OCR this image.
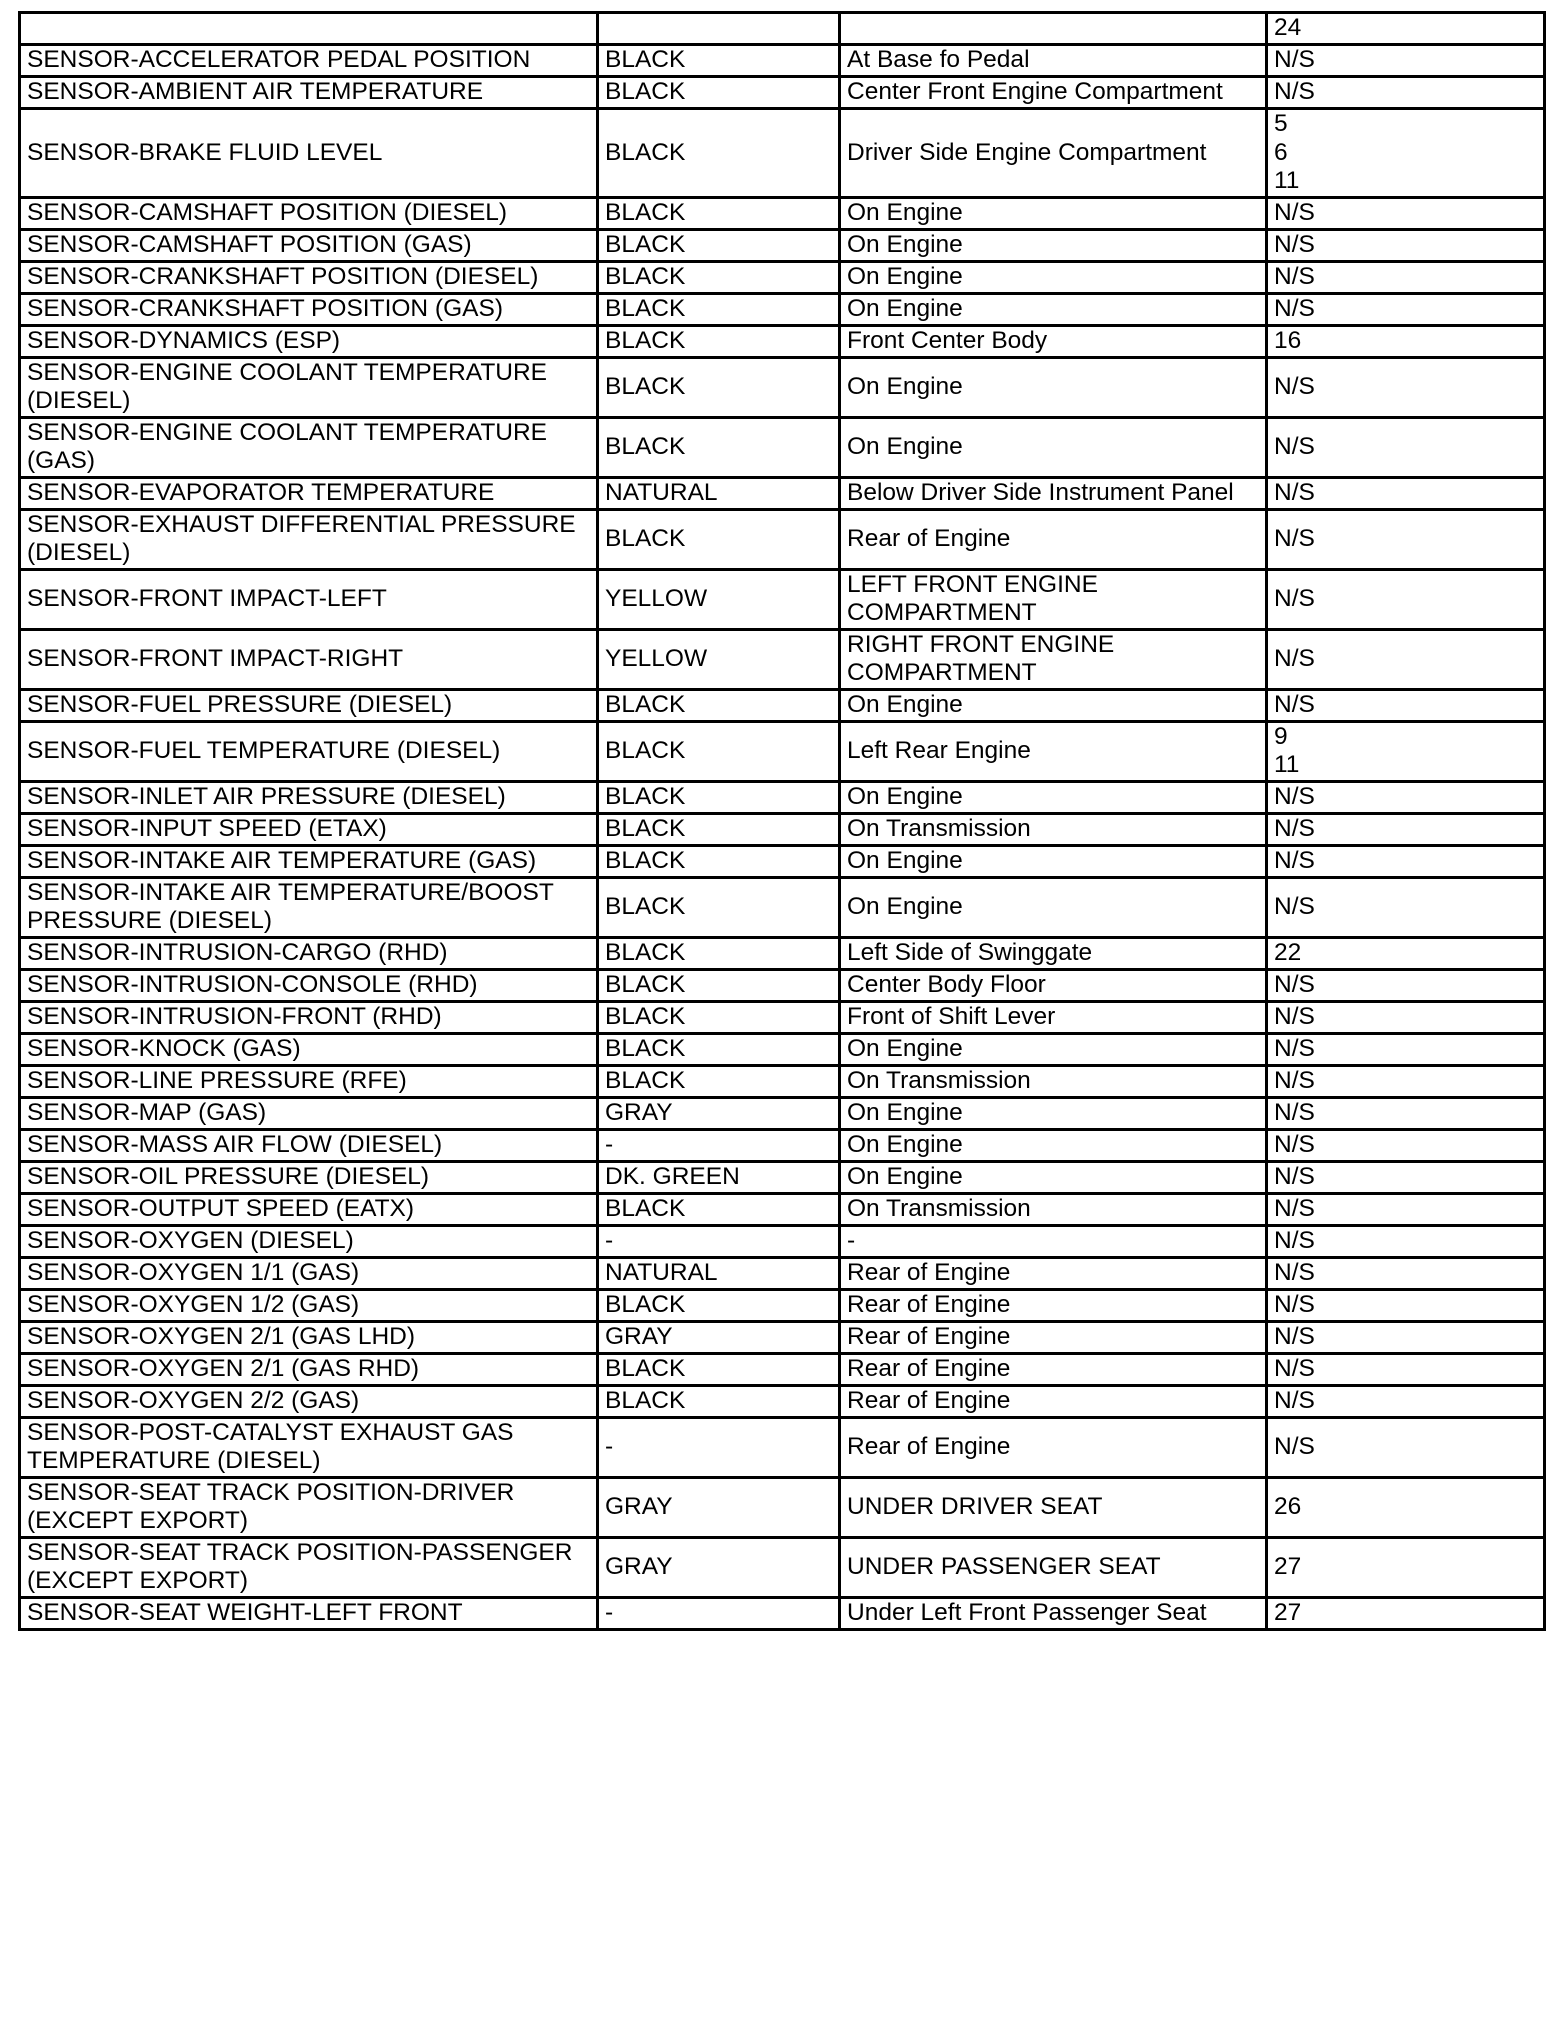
			24
SENSOR-ACCELERATOR PEDAL POSITION	BLACK	At Base fo Pedal	N/S
SENSOR-AMBIENT AIR TEMPERATURE	BLACK	Center Front Engine Compartment	N/S
SENSOR-BRAKE FLUID LEVEL	BLACK	Driver Side Engine Compartment	5
6
11
SENSOR-CAMSHAFT POSITION (DIESEL)	BLACK	On Engine	N/S
SENSOR-CAMSHAFT POSITION (GAS)	BLACK	On Engine	N/S
SENSOR-CRANKSHAFT POSITION (DIESEL)	BLACK	On Engine	N/S
SENSOR-CRANKSHAFT POSITION (GAS)	BLACK	On Engine	N/S
SENSOR-DYNAMICS (ESP)	BLACK	Front Center Body	16
SENSOR-ENGINE COOLANT TEMPERATURE
(DIESEL)	BLACK	On Engine	N/S
SENSOR-ENGINE COOLANT TEMPERATURE
(GAS)	BLACK	On Engine	N/S
SENSOR-EVAPORATOR TEMPERATURE	NATURAL	Below Driver Side Instrument Panel	N/S
SENSOR-EXHAUST DIFFERENTIAL PRESSURE
(DIESEL)	BLACK	Rear of Engine	N/S
SENSOR-FRONT IMPACT-LEFT	YELLOW	LEFT FRONT ENGINE
COMPARTMENT	N/S
SENSOR-FRONT IMPACT-RIGHT	YELLOW	RIGHT FRONT ENGINE
COMPARTMENT	N/S
SENSOR-FUEL PRESSURE (DIESEL)	BLACK	On Engine	N/S
SENSOR-FUEL TEMPERATURE (DIESEL)	BLACK	Left Rear Engine	9
11
SENSOR-INLET AIR PRESSURE (DIESEL)	BLACK	On Engine	N/S
SENSOR-INPUT SPEED (ETAX)	BLACK	On Transmission	N/S
SENSOR-INTAKE AIR TEMPERATURE (GAS)	BLACK	On Engine	N/S
SENSOR-INTAKE AIR TEMPERATURE/BOOST
PRESSURE (DIESEL)	BLACK	On Engine	N/S
SENSOR-INTRUSION-CARGO (RHD)	BLACK	Left Side of Swinggate	22
SENSOR-INTRUSION-CONSOLE (RHD)	BLACK	Center Body Floor	N/S
SENSOR-INTRUSION-FRONT (RHD)	BLACK	Front of Shift Lever	N/S
SENSOR-KNOCK (GAS)	BLACK	On Engine	N/S
SENSOR-LINE PRESSURE (RFE)	BLACK	On Transmission	N/S
SENSOR-MAP (GAS)	GRAY	On Engine	N/S
SENSOR-MASS AIR FLOW (DIESEL)	-	On Engine	N/S
SENSOR-OIL PRESSURE (DIESEL)	DK. GREEN	On Engine	N/S
SENSOR-OUTPUT SPEED (EATX)	BLACK	On Transmission	N/S
SENSOR-OXYGEN (DIESEL)	-	-	N/S
SENSOR-OXYGEN 1/1 (GAS)	NATURAL	Rear of Engine	N/S
SENSOR-OXYGEN 1/2 (GAS)	BLACK	Rear of Engine	N/S
SENSOR-OXYGEN 2/1 (GAS LHD)	GRAY	Rear of Engine	N/S
SENSOR-OXYGEN 2/1 (GAS RHD)	BLACK	Rear of Engine	N/S
SENSOR-OXYGEN 2/2 (GAS)	BLACK	Rear of Engine	N/S
SENSOR-POST-CATALYST EXHAUST GAS
TEMPERATURE (DIESEL)	-	Rear of Engine	N/S
SENSOR-SEAT TRACK POSITION-DRIVER
(EXCEPT EXPORT)	GRAY	UNDER DRIVER SEAT	26
SENSOR-SEAT TRACK POSITION-PASSENGER
(EXCEPT EXPORT)	GRAY	UNDER PASSENGER SEAT	27
SENSOR-SEAT WEIGHT-LEFT FRONT	-	Under Left Front Passenger Seat	27
